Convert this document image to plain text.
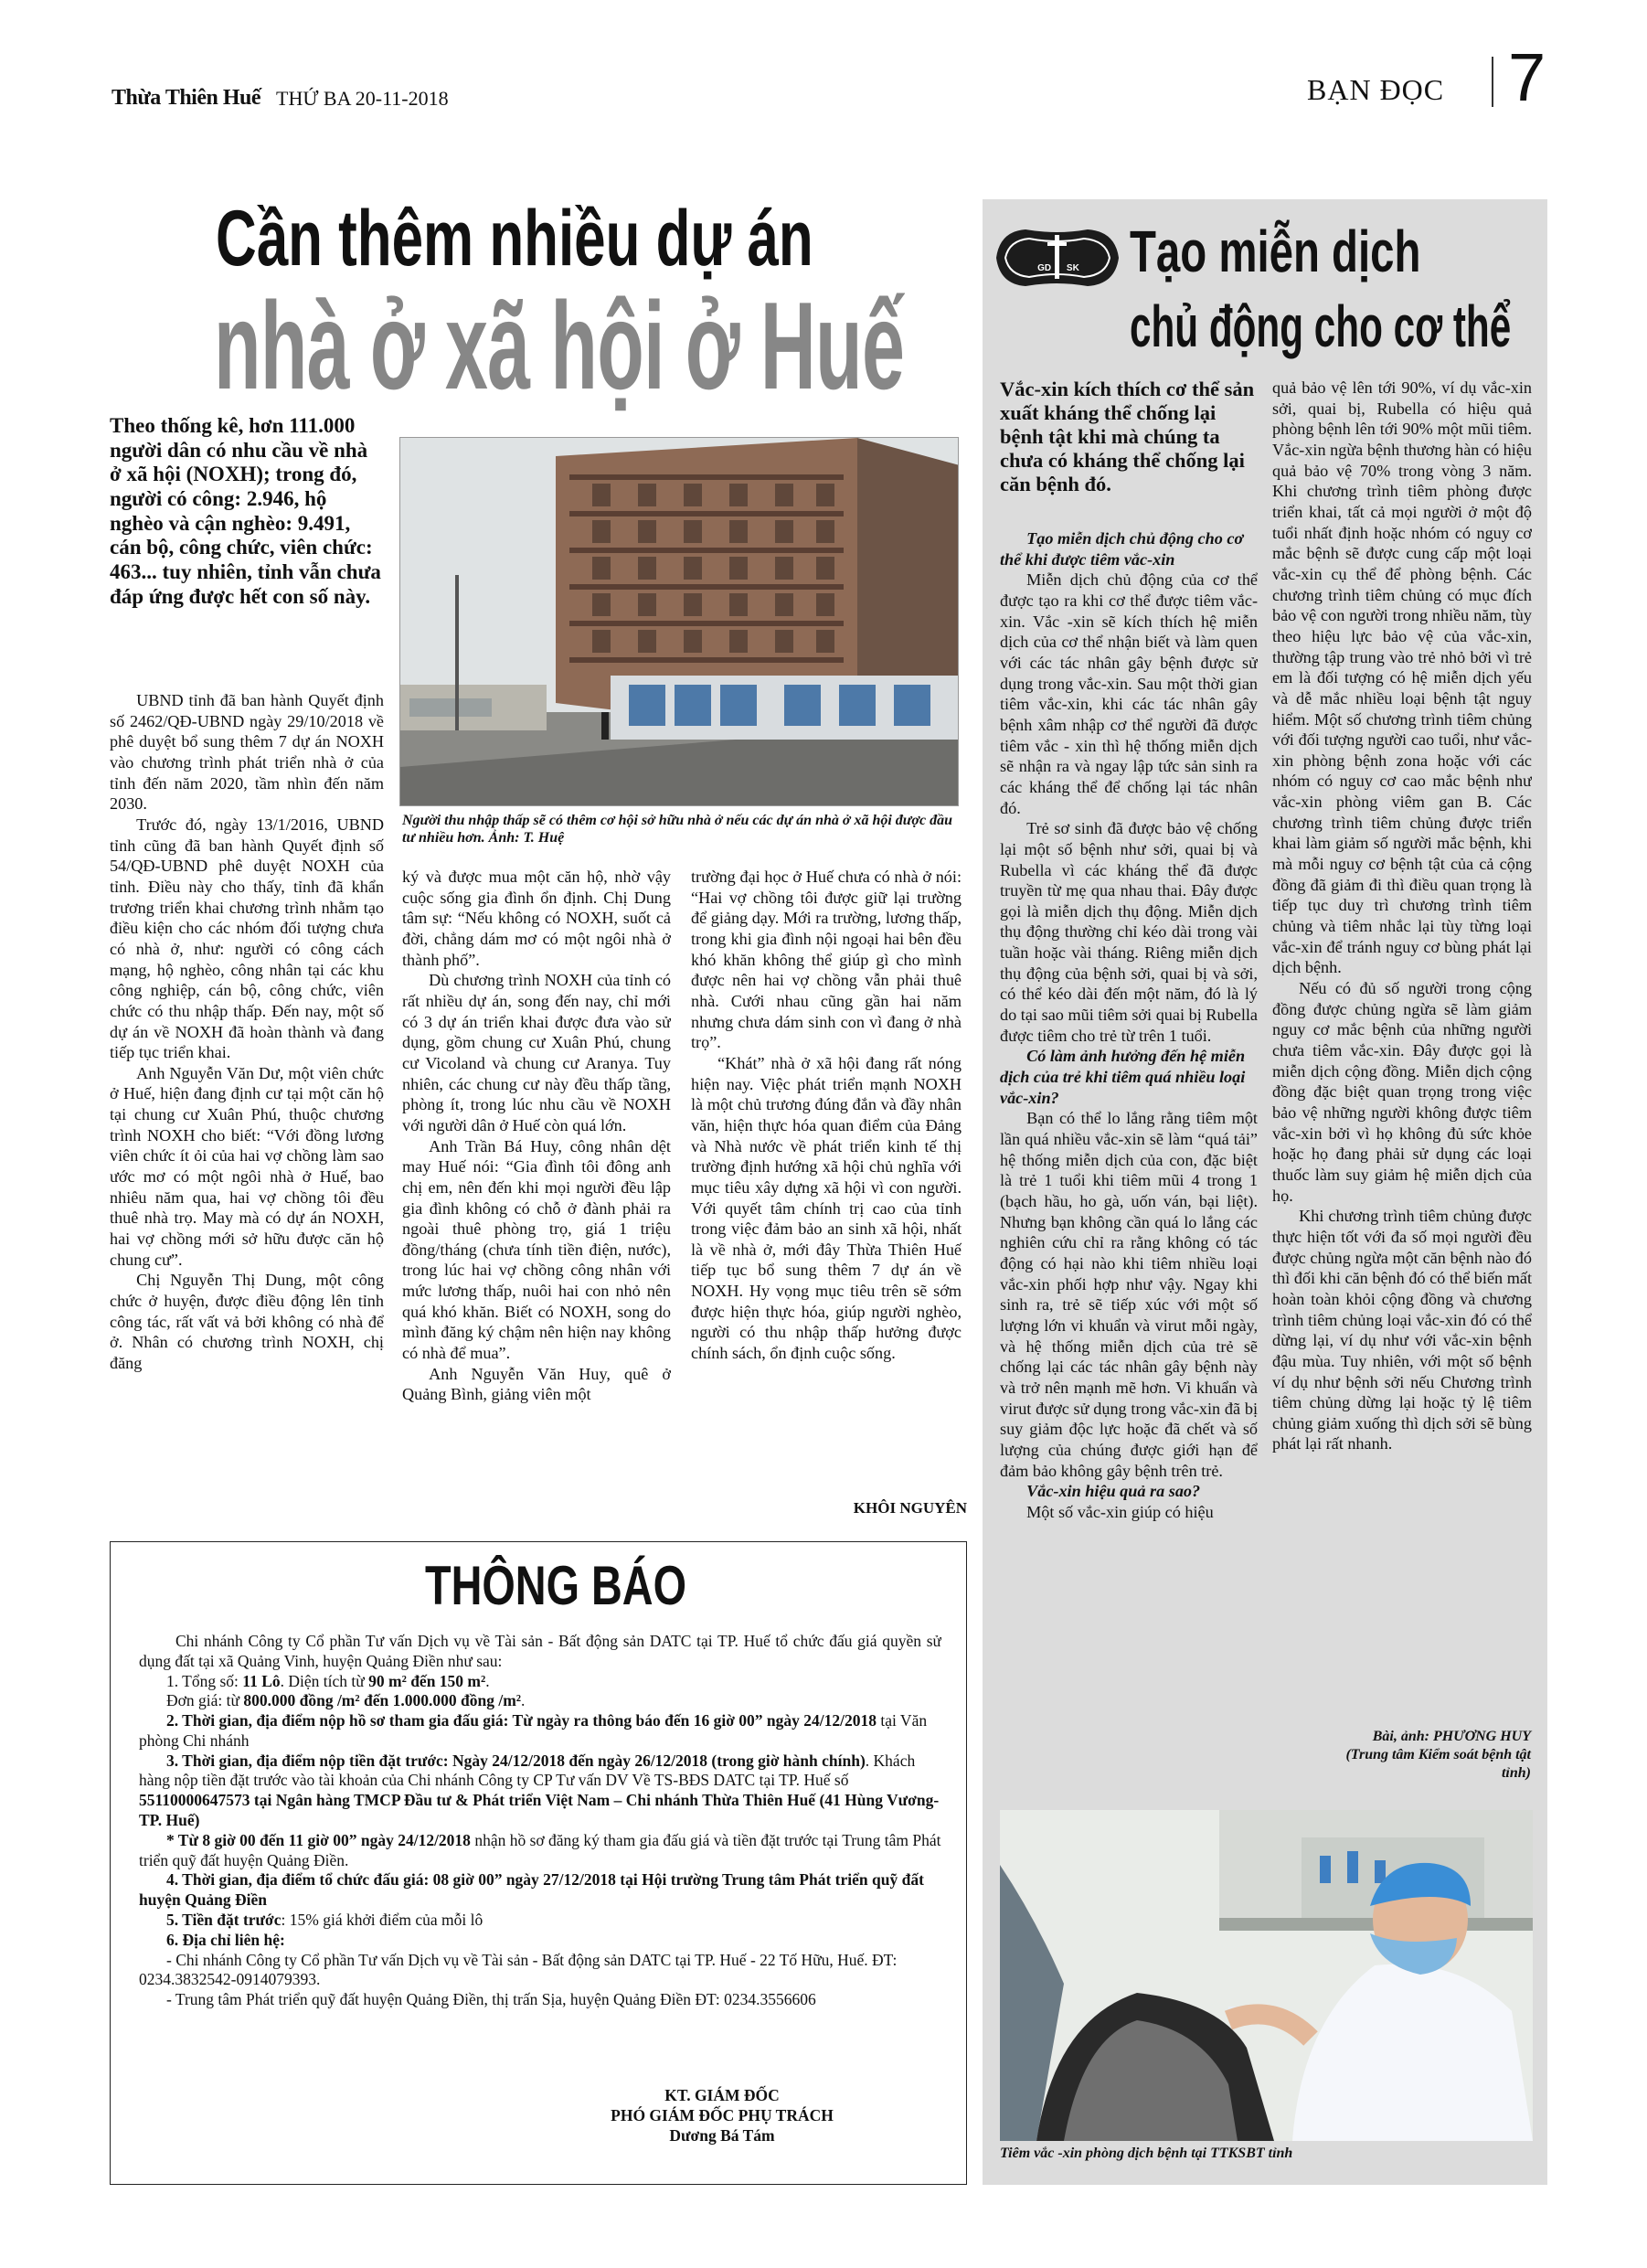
Thừa Thiên Huế THỨ BA 20-11-2018	BẠN ĐỌC 7
Cần thêm nhiều dự án
nhà ở xã hội ở Huế

Theo thống kê, hơn 111.000 người dân có nhu cầu về nhà ở xã hội (NOXH); trong đó, người có công: 2.946, hộ nghèo và cận nghèo: 9.491, cán bộ, công chức, viên chức: 463... tuy nhiên, tỉnh vẫn chưa đáp ứng được hết con số này.

Người thu nhập thấp sẽ có thêm cơ hội sở hữu nhà ở nếu các dự án nhà ở xã hội được đầu tư nhiều hơn. Ảnh: T. Huệ

UBND tỉnh đã ban hành Quyết định số 2462/QĐ-UBND ngày 29/10/2018 về phê duyệt bổ sung thêm 7 dự án NOXH vào chương trình phát triển nhà ở của tỉnh đến năm 2020, tầm nhìn đến năm 2030.

Trước đó, ngày 13/1/2016, UBND tỉnh cũng đã ban hành Quyết định số 54/QĐ-UBND phê duyệt NOXH của tỉnh. Điều này cho thấy, tỉnh đã khẩn trương triển khai chương trình nhằm tạo điều kiện cho các nhóm đối tượng chưa có nhà ở, như: người có công cách mạng, hộ nghèo, công nhân tại các khu công nghiệp, cán bộ, công chức, viên chức có thu nhập thấp. Đến nay, một số dự án về NOXH đã hoàn thành và đang tiếp tục triển khai.

Anh Nguyễn Văn Dư, một viên chức ở Huế, hiện đang định cư tại một căn hộ tại chung cư Xuân Phú, thuộc chương trình NOXH cho biết: “Với đồng lương viên chức ít ỏi của hai vợ chồng làm sao ước mơ có một ngôi nhà ở Huế, bao nhiêu năm qua, hai vợ chồng tôi đều thuê nhà trọ. May mà có dự án NOXH, hai vợ chồng mới sở hữu được căn hộ chung cư”.

Chị Nguyễn Thị Dung, một công chức ở huyện, được điều động lên tỉnh công tác, rất vất vả bởi không có nhà để ở. Nhân có chương trình NOXH, chị đăng

ký và được mua một căn hộ, nhờ vậy cuộc sống gia đình ổn định. Chị Dung tâm sự: “Nếu không có NOXH, suốt cả đời, chẳng dám mơ có một ngôi nhà ở thành phố”.

Dù chương trình NOXH của tỉnh có rất nhiều dự án, song đến nay, chỉ mới có 3 dự án triển khai được đưa vào sử dụng, gồm chung cư Xuân Phú, chung cư Vicoland và chung cư Aranya. Tuy nhiên, các chung cư này đều thấp tầng, phòng ít, trong lúc nhu cầu về NOXH với người dân ở Huế còn quá lớn.

Anh Trần Bá Huy, công nhân dệt may Huế nói: “Gia đình tôi đông anh chị em, nên đến khi mọi người đều lập gia đình không có chỗ ở đành phải ra ngoài thuê phòng trọ, giá 1 triệu đồng/tháng (chưa tính tiền điện, nước), trong lúc hai vợ chồng công nhân với mức lương thấp, nuôi hai con nhỏ nên quá khó khăn. Biết có NOXH, song do mình đăng ký chậm nên hiện nay không có nhà để mua”.

Anh Nguyễn Văn Huy, quê ở Quảng Bình, giảng viên một

trường đại học ở Huế chưa có nhà ở nói: “Hai vợ chồng tôi được giữ lại trường để giảng dạy. Mới ra trường, lương thấp, trong khi gia đình nội ngoại hai bên đều khó khăn không thể giúp gì cho mình được nên hai vợ chồng vẫn phải thuê nhà. Cưới nhau cũng gần hai năm nhưng chưa dám sinh con vì đang ở nhà trọ”.

“Khát” nhà ở xã hội đang rất nóng hiện nay. Việc phát triển mạnh NOXH là một chủ trương đúng đắn và đầy nhân văn, hiện thực hóa quan điểm của Đảng và Nhà nước về phát triển kinh tế thị trường định hướng xã hội chủ nghĩa với mục tiêu xây dựng xã hội vì con người. Với quyết tâm chính trị cao của tỉnh trong việc đảm bảo an sinh xã hội, nhất là về nhà ở, mới đây Thừa Thiên Huế tiếp tục bổ sung thêm 7 dự án về NOXH. Hy vọng mục tiêu trên sẽ sớm được hiện thực hóa, giúp người nghèo, người có thu nhập thấp hưởng được chính sách, ổn định cuộc sống.

KHÔI NGUYÊN
THÔNG BÁO

Chi nhánh Công ty Cổ phần Tư vấn Dịch vụ về Tài sản - Bất động sản DATC tại TP. Huế tổ chức đấu giá quyền sử dụng đất tại xã Quảng Vinh, huyện Quảng Điền như sau:

1. Tổng số: 11 Lô. Diện tích từ 90 m² đến 150 m².
Đơn giá: từ 800.000 đồng /m² đến 1.000.000 đồng /m².
2. Thời gian, địa điểm nộp hồ sơ tham gia đấu giá: Từ ngày ra thông báo đến 16 giờ 00” ngày 24/12/2018 tại Văn phòng Chi nhánh
3. Thời gian, địa điểm nộp tiền đặt trước: Ngày 24/12/2018 đến ngày 26/12/2018 (trong giờ hành chính). Khách hàng nộp tiền đặt trước vào tài khoản của Chi nhánh Công ty CP Tư vấn DV Về TS-BĐS DATC tại TP. Huế số 55110000647573 tại Ngân hàng TMCP Đầu tư & Phát triển Việt Nam – Chi nhánh Thừa Thiên Huế (41 Hùng Vương-TP. Huế)
* Từ 8 giờ 00 đến 11 giờ 00” ngày 24/12/2018 nhận hồ sơ đăng ký tham gia đấu giá và tiền đặt trước tại Trung tâm Phát triển quỹ đất huyện Quảng Điền.
4. Thời gian, địa điểm tổ chức đấu giá: 08 giờ 00” ngày 27/12/2018 tại Hội trường Trung tâm Phát triển quỹ đất huyện Quảng Điền
5. Tiền đặt trước: 15% giá khởi điểm của mỗi lô
6. Địa chỉ liên hệ:
- Chi nhánh Công ty Cổ phần Tư vấn Dịch vụ về Tài sản - Bất động sản DATC tại TP. Huế - 22 Tố Hữu, Huế. ĐT: 0234.3832542-0914079393.
- Trung tâm Phát triển quỹ đất huyện Quảng Điền, thị trấn Sịa, huyện Quảng Điền ĐT: 0234.3556606
KT. GIÁM ĐỐC
PHÓ GIÁM ĐỐC PHỤ TRÁCH
Dương Bá Tám
GD SK Tạo miễn dịch
chủ động cho cơ thể

Vắc-xin kích thích cơ thể sản xuất kháng thể chống lại bệnh tật khi mà chúng ta chưa có kháng thể chống lại căn bệnh đó.

Tạo miễn dịch chủ động cho cơ thể khi được tiêm vắc-xin

Miễn dịch chủ động của cơ thể được tạo ra khi cơ thể được tiêm vắc-xin. Vắc -xin sẽ kích thích hệ miễn dịch của cơ thể nhận biết và làm quen với các tác nhân gây bệnh được sử dụng trong vắc-xin. Sau một thời gian tiêm vắc-xin, khi các tác nhân gây bệnh xâm nhập cơ thể người đã được tiêm vắc - xin thì hệ thống miễn dịch sẽ nhận ra và ngay lập tức sản sinh ra các kháng thể để chống lại tác nhân đó.

Trẻ sơ sinh đã được bảo vệ chống lại một số bệnh như sởi, quai bị và Rubella vì các kháng thể đã được truyền từ mẹ qua nhau thai. Đây được gọi là miễn dịch thụ động. Miễn dịch thụ động thường chỉ kéo dài trong vài tuần hoặc vài tháng. Riêng miễn dịch thụ động của bệnh sởi, quai bị và sởi, có thể kéo dài đến một năm, đó là lý do tại sao mũi tiêm sởi quai bị Rubella được tiêm cho trẻ từ trên 1 tuổi.

Có làm ảnh hưởng đến hệ miễn dịch của trẻ khi tiêm quá nhiều loại vắc-xin?

Bạn có thể lo lắng rằng tiêm một lần quá nhiều vắc-xin sẽ làm “quá tải” hệ thống miễn dịch của con, đặc biệt là trẻ 1 tuổi khi tiêm mũi 4 trong 1 (bạch hầu, ho gà, uốn ván, bại liệt). Nhưng bạn không cần quá lo lắng các nghiên cứu chỉ ra rằng không có tác động có hại nào khi tiêm nhiều loại vắc-xin phối hợp như vậy. Ngay khi sinh ra, trẻ sẽ tiếp xúc với một số lượng lớn vi khuẩn và virut mỗi ngày, và hệ thống miễn dịch của trẻ sẽ chống lại các tác nhân gây bệnh này và trở nên mạnh mẽ hơn. Vi khuẩn và virut được sử dụng trong vắc-xin đã bị suy giảm độc lực hoặc đã chết và số lượng của chúng được giới hạn để đảm bảo không gây bệnh trên trẻ.

Vắc-xin hiệu quả ra sao?

Một số vắc-xin giúp có hiệu

quả bảo vệ lên tới 90%, ví dụ vắc-xin sởi, quai bị, Rubella có hiệu quả phòng bệnh lên tới 90% một mũi tiêm. Vắc-xin ngừa bệnh thương hàn có hiệu quả bảo vệ 70% trong vòng 3 năm. Khi chương trình tiêm phòng được triển khai, tất cả mọi người ở một độ tuổi nhất định hoặc nhóm có nguy cơ mắc bệnh sẽ được cung cấp một loại vắc-xin cụ thể để phòng bệnh. Các chương trình tiêm chủng có mục đích bảo vệ con người trong nhiều năm, tùy theo hiệu lực bảo vệ của vắc-xin, thường tập trung vào trẻ nhỏ bởi vì trẻ em là đối tượng có hệ miễn dịch yếu và dễ mắc nhiều loại bệnh tật nguy hiểm. Một số chương trình tiêm chủng với đối tượng người cao tuổi, như vắc-xin phòng bệnh zona hoặc với các nhóm có nguy cơ cao mắc bệnh như vắc-xin phòng viêm gan B. Các chương trình tiêm chủng được triển khai làm giảm số người mắc bệnh, khi mà mỗi nguy cơ bệnh tật của cả cộng đồng đã giảm đi thì điều quan trọng là tiếp tục duy trì chương trình tiêm chủng và tiêm nhắc lại tùy từng loại vắc-xin để tránh nguy cơ bùng phát lại dịch bệnh.

Nếu có đủ số người trong cộng đồng được chủng ngừa sẽ làm giảm nguy cơ mắc bệnh của những người chưa tiêm vắc-xin. Đây được gọi là miễn dịch cộng đồng. Miễn dịch cộng đồng đặc biệt quan trọng trong việc bảo vệ những người không được tiêm vắc-xin bởi vì họ không đủ sức khỏe hoặc họ đang phải sử dụng các loại thuốc làm suy giảm hệ miễn dịch của họ.

Khi chương trình tiêm chủng được thực hiện tốt với đa số mọi người đều được chủng ngừa một căn bệnh nào đó thì đối khi căn bệnh đó có thể biến mất hoàn toàn khỏi cộng đồng và chương trình tiêm chủng loại vắc-xin đó có thể dừng lại, ví dụ như với vắc-xin bệnh đậu mùa. Tuy nhiên, với một số bệnh ví dụ như bệnh sởi nếu Chương trình tiêm chủng dừng lại hoặc tỷ lệ tiêm chủng giảm xuống thì dịch sởi sẽ bùng phát lại rất nhanh.

Bài, ảnh: PHƯƠNG HUY
(Trung tâm Kiểm soát bệnh tật tỉnh)
Tiêm vắc -xin phòng dịch bệnh tại TTKSBT tỉnh
